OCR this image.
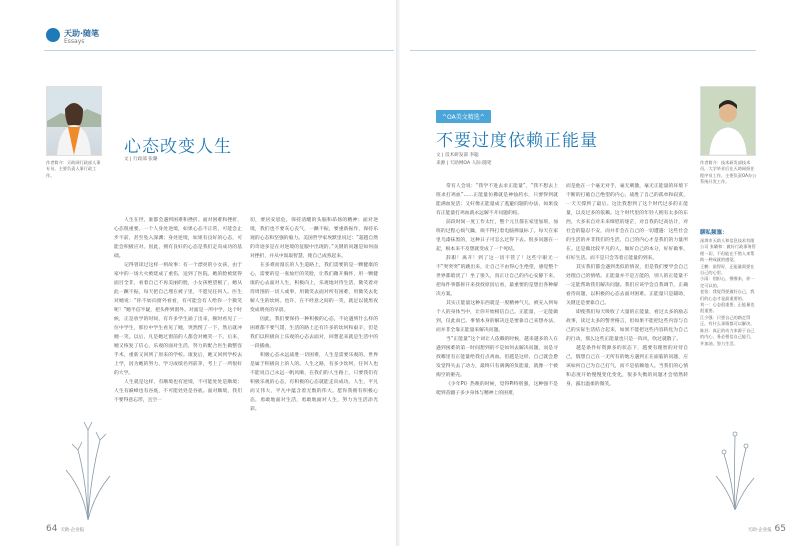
天助·随笔
Essays
作者简介：天助网行政部人事专员，主要负责人事行政工作。
心态改变人生
文 | 行政部 张璐

人生在世，谁都会遇到困难和挫折。面对困难和挫折，心态很重要。一个人身处逆境，如果心态不正常，可能会止步不前，甚至坠入深渊；身处逆境，如果有良好的心态，可能会积极应对。因此，拥有良好的心态是我们走向成功的基础。

记得曾读过这样一则故事：有一个漂亮的小女孩，由于家中的一场大火被烧成了重伤，送到了医院。她的脸被烧得面目全非，看着自己不再美丽的脸，小女孩绝望极了，她从此一蹶不振。每天把自己埋在被子里，不愿见任何人。医生对她说：“你不妨向窗外看看，有可能会有人给你一个微笑呢！”她半信半疑，把头伸到窗外。对面是一所中学，这个时候，正是放学的时间，有许多学生涌了出来，顿时看见了一位中学生，那位中学生看见了她，突然愣了一下，然后就冲她一笑。以后，凡是她过窗前的人都会对她笑一下。后来，她又恢复了信心，乐观的面对生活，努力的配合医生做整容手术，重新又回到了原来的学校。康复后，她又回到学校去上学，因为她的努力，学习成绩名列前茅，考上了一所很好的大学。

人生就是这样，有顺境也有逆境，不可能处处是顺境；人生有巅峰也有谷底，不可能处处是谷底。面对顺境，我们不要得意忘形，且空一

切，要居安思危，保持清醒的头脑和昂扬的精神；面对逆境，我们也不要灰心丧气，一蹶不振，要重新振作，保持乐观的心态和坚强的毅力。美国哲学家埃默里说过：“超越自然的奇迹多是在对逆境的征服中出现的。”关键的问题是如何面对挫折，并从中汲取智慧，使自己成熟起来。

在多难而漫长的人生道路上，我们需要的是一颗健康的心，需要的是一张灿烂的笑脸，让我们敞开胸怀，用一颗健康的心去面对人生，积极向上，乐观地对待生活，微笑着对待周围的一切人或事，用微笑去面对所有困难，用微笑去化解人生的坎坷。也许，在不经意之间的一笑，就足以使黑夜变成明亮的早晨。

因此，我们要保持一种积极的心态，不论遇到什么样的困难都不要气馁，生活的路上还有许多的坎坷和艰辛，但是我们以积极向上乐观的心态去面对，回想起来就是生活中的一段插曲。

积极心态永远战胜一切困难，人生是需要乐观的。世界是属于积极向上的人的。人生之路，有多少坎坷，任何人也不能说自己永远一帆风顺，在我们的人生路上，只要我们有积极乐观的心态，有积极的心态就能走向成功。人生，平凡而又伟大，平凡中蕴含着无数的伟大。愿你我拥有积极心态，勇敢地面对生活，勇敢地面对人生，努力为生活添光彩。

64 天助·企业报
^OA美文精选^
不要过度依赖正能量
文 | 技术研发部 李聪
来源 | 天助网OA 人际·随笔	作者简介：技术研发部技术员，大学毕业后在天助网担任程序员工作，主要负责OA办公系统开发工作。

常有人会说：“我学不进去求正能量”，“我不想去上班求打鸡血”……正能量仿佛就是神仙药水，只要得到就能满血复活；又好像正能量成了逃避问题的办法，如果没有正能量打鸡血就永远解不开问题的结。

前段时间一度工作太忙，整个元旦都在家里加班，加班的过程心烦气躁，烦不得打着电脑摔鼠标了。每天在家里乌漆抹黑的，这种日子可怎么过得下去。很多问题在一起，根本来不及想就变成了一个死结。

辞职！离开！到了这一切不管了！这些字眼无一不“突突突”的跳出来，让自己不由得心生绝望，感觉整个世界都暗淡了！坐了很久，真正让自己的内心安静下来，把每件事都拆开来找找原因后看，最重要的是想出各种解决方案。

其实正能量这种东西就是一股精神气儿，被充入到每个人的身体当中，让你开始相信自己。正能量，一定能做到，仅此而已。事情本身的解决还是要靠自己来想办法，而并非全靠正能量来解决问题。

当“正能量”这个词让人依赖的时候，越来越多的人在遇到困难的第一时间想到的不是如何去解决问题，而是寻找哪里有正能量给我打点鸡血。但越是这样，自己就会愈发觉得失去了动力，最终只有满满的负能量，就像一个被掏空的躯壳。

《少年Pi》热映的时候，觉得Pi特别强，这种强不是爬到苗疆子多少身体与精神上的困难，

而是他在一个毫无对手，毫无刺激，毫无正能量的环境下不断的打破自己绝望的内心，战胜了自己的孤单和寂寞，一天天撑到了最后。这比我想到了这个时代过多的正能量，以及过多的依赖。这个时代里的年轻人拥有太多的东西，大多来自对未来缔慰的迷茫，对自我的过高估计，对社会的隐忍不安，而并非会在自己的一切遭遇：这些社会的生活的并非我们的生活，自己的内心才是我们的力量所在。还是做比较平凡的人，做好自己的本分，好好做事，好好生活。而不是只会等着正能量的到来。

其实我们都会遇到类似的情况，但是我们要学会自己处理自己的情绪。正能量并不是万能的，别人的正能量不一定能帮助我们解决问题。我们应该学会自我调节，正确看待问题，以积极的心态去面对困难。正能量只是辅助，关键还是要靠自己。

即使我们每天吸收了大量的正能量，看过太多的励志故事，读过太多的警世格言，但如果不能把这些内容与自己的实际生活结合起来，如果不能把这些内容转化为自己的行动，那么这些正能量也只是一阵风，吹过就散了。

越是条件好资源多的状态下，越要有理智的对待自己，假想自己在一无所有的地方遇到正在面临的问题，应该如何自己为自己打气，而不是依赖他人。当我们的心情和态度开始慢慢变化变化，很多失衡的问题才会悄然转身，露出温柔的微笑。

聊私频塞：
深圳市天助人和信息技术有限公司 张璐和：做好行政事务管理一切，不但能在不惜人来帮助一种成就的感觉。
王鹏：说得好，正能量需要在自己的心里。
小雨：别担心，慢慢来，你一定可以的。
老张：我觉得要做好自己，我们的心态才是最重要的。
刘一：心态很重要，正能量也很重要。
江少强：只要自己的路走得正，有什么事情都可以解决。
陈苏：真正的动力来源于自己的内心，务必相信自己能行，并加油，努力生活。
天助·企业报 65
